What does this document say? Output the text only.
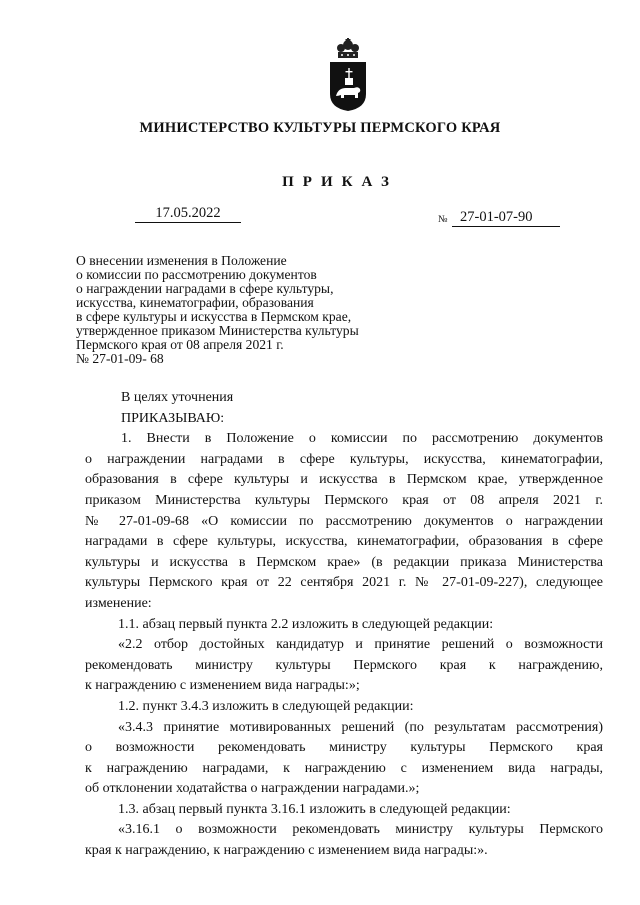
МИНИСТЕРСТВО КУЛЬТУРЫ ПЕРМСКОГО КРАЯ
ПРИКАЗ
17.05.2022	№ 27-01-07-90
О внесении изменения в Положение
о комиссии по рассмотрению документов
о награждении наградами в сфере культуры,
искусства, кинематографии, образования
в сфере культуры и искусства в Пермском крае,
утвержденное приказом Министерства культуры
Пермского края от 08 апреля 2021 г.
№ 27-01-09- 68
В целях уточнения
ПРИКАЗЫВАЮ:
1. Внести в Положение о комиссии по рассмотрению документов
о награждении наградами в сфере культуры, искусства, кинематографии,
образования в сфере культуры и искусства в Пермском крае, утвержденное
приказом Министерства культуры Пермского края от 08 апреля 2021 г.
№ 27-01-09-68 «О комиссии по рассмотрению документов о награждении
наградами в сфере культуры, искусства, кинематографии, образования в сфере
культуры и искусства в Пермском крае» (в редакции приказа Министерства
культуры Пермского края от 22 сентября 2021 г. № 27-01-09-227), следующее
изменение:
1.1. абзац первый пункта 2.2 изложить в следующей редакции:
«2.2 отбор достойных кандидатур и принятие решений о возможности
рекомендовать министру культуры Пермского края к награждению,
к награждению с изменением вида награды:»;
1.2. пункт 3.4.3 изложить в следующей редакции:
«3.4.3 принятие мотивированных решений (по результатам рассмотрения)
о возможности рекомендовать министру культуры Пермского края
к награждению наградами, к награждению с изменением вида награды,
об отклонении ходатайства о награждении наградами.»;
1.3. абзац первый пункта 3.16.1 изложить в следующей редакции:
«3.16.1 о возможности рекомендовать министру культуры Пермского
края к награждению, к награждению с изменением вида награды:».
